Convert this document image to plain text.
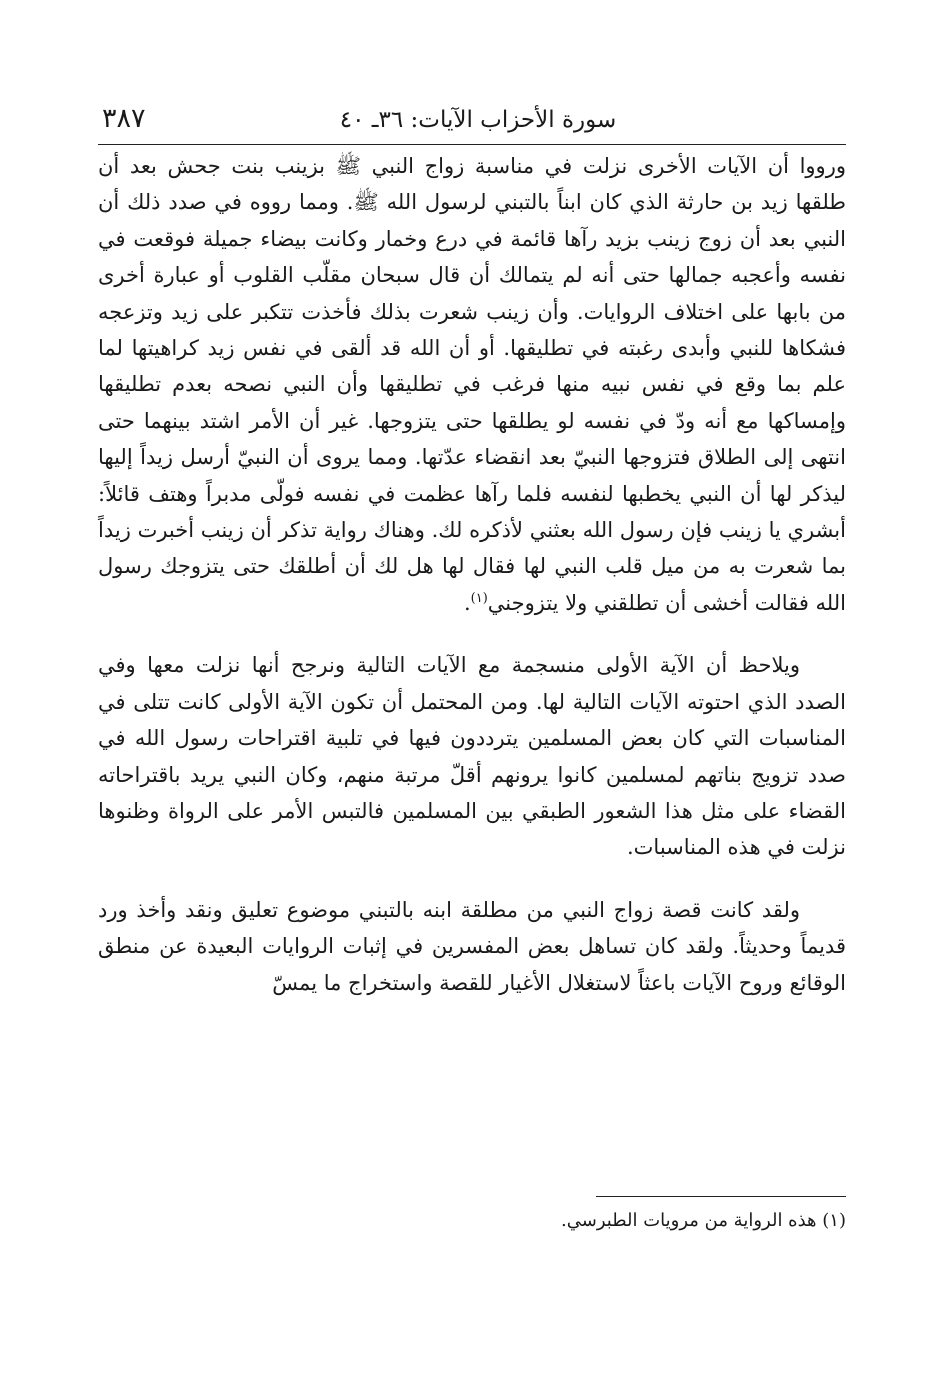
٣٨٧	سورة الأحزاب الآيات: ٣٦ـ ٤٠

ورووا أن الآيات الأخرى نزلت في مناسبة زواج النبي ﷺ بزينب بنت جحش بعد أن طلقها زيد بن حارثة الذي كان ابناً بالتبني لرسول الله ﷺ. ومما رووه في صدد ذلك أن النبي بعد أن زوج زينب بزيد رآها قائمة في درع وخمار وكانت بيضاء جميلة فوقعت في نفسه وأعجبه جمالها حتى أنه لم يتمالك أن قال سبحان مقلّب القلوب أو عبارة أخرى من بابها على اختلاف الروايات. وأن زينب شعرت بذلك فأخذت تتكبر على زيد وتزعجه فشكاها للنبي وأبدى رغبته في تطليقها. أو أن الله قد ألقى في نفس زيد كراهيتها لما علم بما وقع في نفس نبيه منها فرغب في تطليقها وأن النبي نصحه بعدم تطليقها وإمساكها مع أنه ودّ في نفسه لو يطلقها حتى يتزوجها. غير أن الأمر اشتد بينهما حتى انتهى إلى الطلاق فتزوجها النبيّ بعد انقضاء عدّتها. ومما يروى أن النبيّ أرسل زيداً إليها ليذكر لها أن النبي يخطبها لنفسه فلما رآها عظمت في نفسه فولّى مدبراً وهتف قائلاً: أبشري يا زينب فإن رسول الله بعثني لأذكره لك. وهناك رواية تذكر أن زينب أخبرت زيداً بما شعرت به من ميل قلب النبي لها فقال لها هل لك أن أطلقك حتى يتزوجك رسول الله فقالت أخشى أن تطلقني ولا يتزوجني$^{(١)}$.

ويلاحظ أن الآية الأولى منسجمة مع الآيات التالية ونرجح أنها نزلت معها وفي الصدد الذي احتوته الآيات التالية لها. ومن المحتمل أن تكون الآية الأولى كانت تتلى في المناسبات التي كان بعض المسلمين يترددون فيها في تلبية اقتراحات رسول الله في صدد تزويج بناتهم لمسلمين كانوا يرونهم أقلّ مرتبة منهم، وكان النبي يريد باقتراحاته القضاء على مثل هذا الشعور الطبقي بين المسلمين فالتبس الأمر على الرواة وظنوها نزلت في هذه المناسبات.

ولقد كانت قصة زواج النبي من مطلقة ابنه بالتبني موضوع تعليق ونقد وأخذ ورد قديماً وحديثاً. ولقد كان تساهل بعض المفسرين في إثبات الروايات البعيدة عن منطق الوقائع وروح الآيات باعثاً لاستغلال الأغيار للقصة واستخراج ما يمسّ

(١) هذه الرواية من مرويات الطبرسي.
